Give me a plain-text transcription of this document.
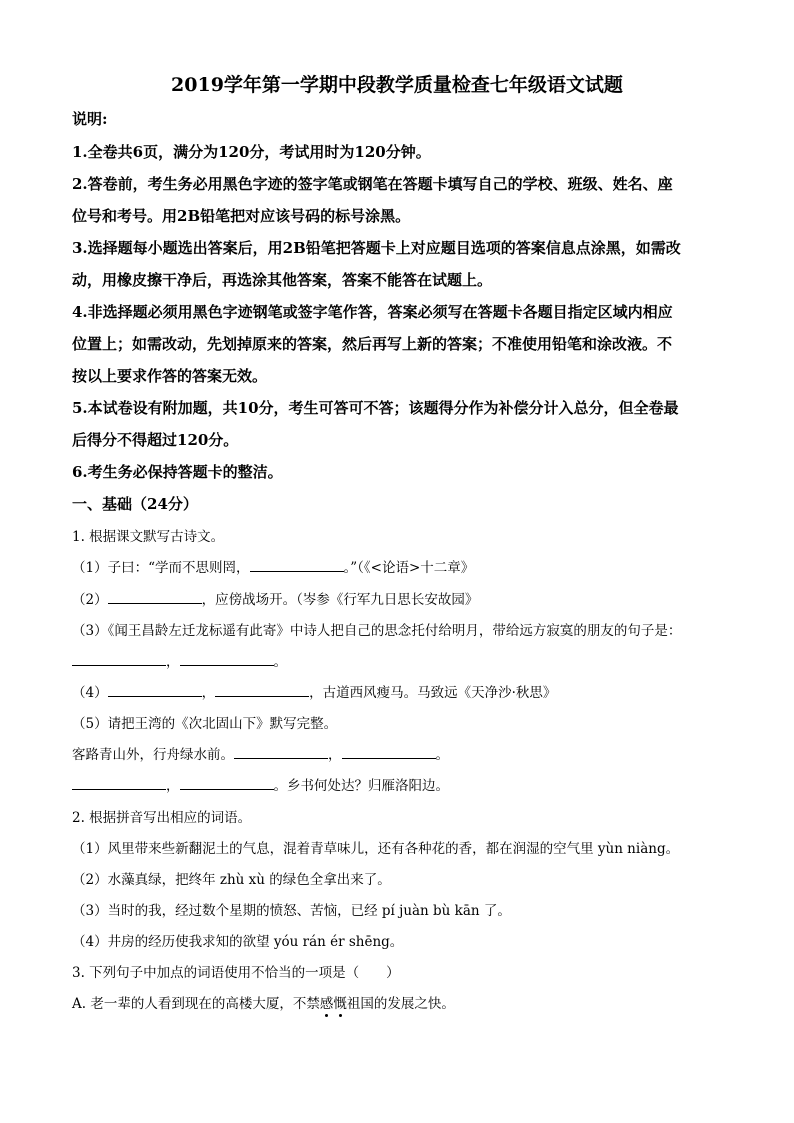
2019学年第一学期中段教学质量检查七年级语文试题
说明:
1.全卷共6页，满分为120分，考试用时为120分钟。
2.答卷前，考生务必用黑色字迹的签字笔或钢笔在答题卡填写自己的学校、班级、姓名、座
位号和考号。用2B铅笔把对应该号码的标号涂黑。
3.选择题每小题选出答案后，用2B铅笔把答题卡上对应题目选项的答案信息点涂黑，如需改
动，用橡皮擦干净后，再选涂其他答案，答案不能答在试题上。
4.非选择题必须用黑色字迹钢笔或签字笔作答，答案必须写在答题卡各题目指定区域内相应
位置上；如需改动，先划掉原来的答案，然后再写上新的答案；不准使用铅笔和涂改液。不
按以上要求作答的答案无效。
5.本试卷设有附加题，共10分，考生可答可不答；该题得分作为补偿分计入总分，但全卷最
后得分不得超过120分。
6.考生务必保持答题卡的整洁。
一、基础（24分）
1. 根据课文默写古诗文。
（1）子曰：“学而不思则罔，	。”（《<论语>十二章》
（2）	，应傍战场开。（岑参《行军九日思长安故园》
（3）《闻王昌龄左迁龙标遥有此寄》中诗人把自己的思念托付给明月，带给远方寂寞的朋友的句子是：
，	。
（4）	，	，古道西风瘦马。马致远《天净沙·秋思》
（5）请把王湾的《次北固山下》默写完整。
客路青山外，行舟绿水前。	，	。
，	。乡书何处达？归雁洛阳边。
2. 根据拼音写出相应的词语。
（1）风里带来些新翻泥土的气息，混着青草味儿，还有各种花的香，都在润湿的空气里 yùn niàng。
（2）水藻真绿，把终年 zhù xù 的绿色全拿出来了。
（3）当时的我，经过数个星期的愤怒、苦恼，已经 pí juàn bù kān 了。
（4）井房的经历使我求知的欲望 yóu rán ér shēng。
3. 下列句子中加点的词语使用不恰当的一项是（　　）
A. 老一辈的人看到现在的高楼大厦，不禁感慨祖国的发展之快。
